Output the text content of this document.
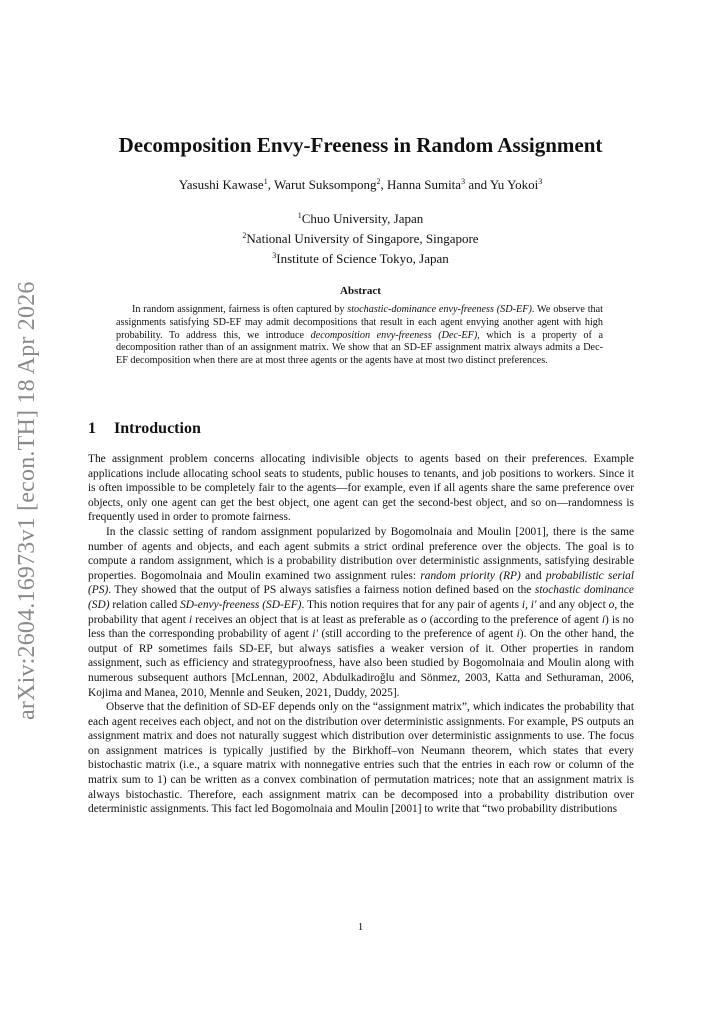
arXiv:2604.16973v1 [econ.TH] 18 Apr 2026
Decomposition Envy-Freeness in Random Assignment
Yasushi Kawase$^1$, Warut Suksompong$^2$, Hanna Sumita$^3$ and Yu Yokoi$^3$
$^1$Chuo University, Japan
$^2$National University of Singapore, Singapore
$^3$Institute of Science Tokyo, Japan
Abstract

In random assignment, fairness is often captured by stochastic-dominance envy-freeness (SD-EF). We observe that assignments satisfying SD-EF may admit decompositions that result in each agent envying another agent with high probability. To address this, we introduce decomposition envy-freeness (Dec-EF), which is a property of a decomposition rather than of an assignment matrix. We show that an SD-EF assignment matrix always admits a Dec-EF decomposition when there are at most three agents or the agents have at most two distinct preferences.

1 Introduction

The assignment problem concerns allocating indivisible objects to agents based on their preferences. Example applications include allocating school seats to students, public houses to tenants, and job positions to workers. Since it is often impossible to be completely fair to the agents—for example, even if all agents share the same preference over objects, only one agent can get the best object, one agent can get the second-best object, and so on—randomness is frequently used in order to promote fairness.

In the classic setting of random assignment popularized by Bogomolnaia and Moulin [2001], there is the same number of agents and objects, and each agent submits a strict ordinal preference over the objects. The goal is to compute a random assignment, which is a probability distribution over deterministic assignments, satisfying desirable properties. Bogomolnaia and Moulin examined two assignment rules: random priority (RP) and probabilistic serial (PS). They showed that the output of PS always satisfies a fairness notion defined based on the stochastic dominance (SD) relation called SD-envy-freeness (SD-EF). This notion requires that for any pair of agents i, i′ and any object o, the probability that agent i receives an object that is at least as preferable as o (according to the preference of agent i) is no less than the corresponding probability of agent i′ (still according to the preference of agent i). On the other hand, the output of RP sometimes fails SD-EF, but always satisfies a weaker version of it. Other properties in random assignment, such as efficiency and strategyproofness, have also been studied by Bogomolnaia and Moulin along with numerous subsequent authors [McLennan, 2002, Abdulkadiroğlu and Sönmez, 2003, Katta and Sethuraman, 2006, Kojima and Manea, 2010, Mennle and Seuken, 2021, Duddy, 2025].

Observe that the definition of SD-EF depends only on the “assignment matrix”, which indicates the probability that each agent receives each object, and not on the distribution over deterministic assignments. For example, PS outputs an assignment matrix and does not naturally suggest which distribution over deterministic assignments to use. The focus on assignment matrices is typically justified by the Birkhoff–von Neumann theorem, which states that every bistochastic matrix (i.e., a square matrix with nonnegative entries such that the entries in each row or column of the matrix sum to 1) can be written as a convex combination of permutation matrices; note that an assignment matrix is always bistochastic. Therefore, each assignment matrix can be decomposed into a probability distribution over deterministic assignments. This fact led Bogomolnaia and Moulin [2001] to write that “two probability distributions

1
